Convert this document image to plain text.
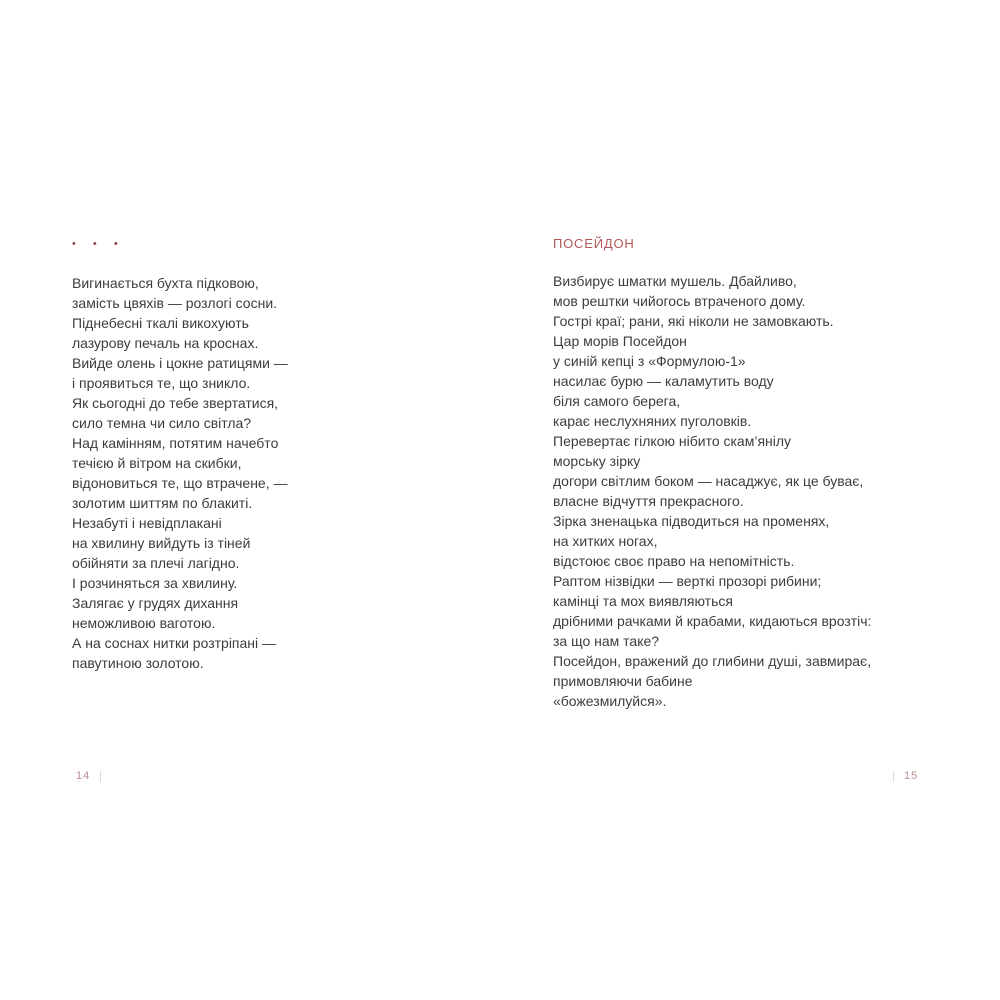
• • •
Вигинається бухта підковою,
замість цвяхів — розлогі сосни.
Піднебесні ткалі викохують
лазурову печаль на кроснах.
Вийде олень і цокне ратицями —
і проявиться те, що зникло.
Як сьогодні до тебе звертатися,
сило темна чи сило світла?
Над камінням, потятим начебто
течією й вітром на скибки,
відоновиться те, що втрачене, —
золотим шиттям по блакиті.
Незабуті і невідплакані
на хвилину вийдуть із тіней
обійняти за плечі лагідно.
І розчиняться за хвилину.
Залягає у грудях дихання
неможливою ваготою.
А на соснах нитки розтріпані —
павутиною золотою.
ПОСЕЙДОН
Визбирує шматки мушель. Дбайливо,
мов рештки чийогось втраченого дому.
Гострі краї; рани, які ніколи не замовкають.
Цар морів Посейдон
у синій кепці з «Формулою-1»
насилає бурю — каламутить воду
біля самого берега,
карає неслухняних пуголовків.
Перевертає гілкою нібито скам’янілу
морську зірку
догори світлим боком — насаджує, як це буває,
власне відчуття прекрасного.
Зірка зненацька підводиться на променях,
на хитких ногах,
відстоює своє право на непомітність.
Раптом нізвідки — верткі прозорі рибини;
камінці та мох виявляються
дрібними рачками й крабами, кидаються врозтіч:
за що нам таке?
Посейдон, вражений до глибини душі, завмирає,
примовляючи бабине
«божезмилуйся».
14	15
